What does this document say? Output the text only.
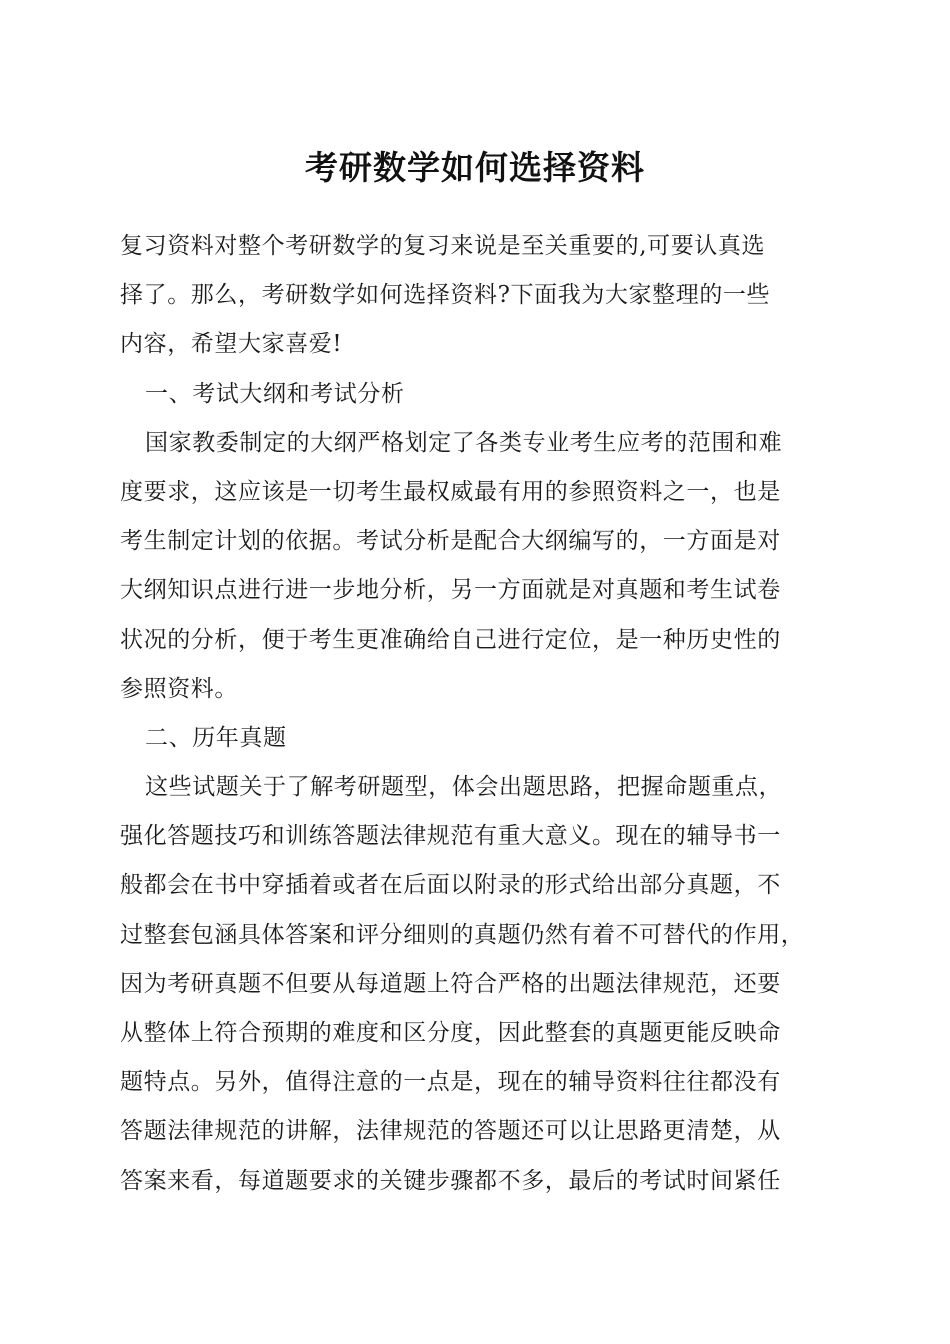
考研数学如何选择资料
复习资料对整个考研数学的复习来说是至关重要的,可要认真选
择了。那么，考研数学如何选择资料?下面我为大家整理的一些
内容，希望大家喜爱!
一、考试大纲和考试分析
国家教委制定的大纲严格划定了各类专业考生应考的范围和难
度要求，这应该是一切考生最权威最有用的参照资料之一，也是
考生制定计划的依据。考试分析是配合大纲编写的，一方面是对
大纲知识点进行进一步地分析，另一方面就是对真题和考生试卷
状况的分析，便于考生更准确给自己进行定位，是一种历史性的
参照资料。
二、历年真题
这些试题关于了解考研题型，体会出题思路，把握命题重点，
强化答题技巧和训练答题法律规范有重大意义。现在的辅导书一
般都会在书中穿插着或者在后面以附录的形式给出部分真题，不
过整套包涵具体答案和评分细则的真题仍然有着不可替代的作用，
因为考研真题不但要从每道题上符合严格的出题法律规范，还要
从整体上符合预期的难度和区分度，因此整套的真题更能反映命
题特点。另外，值得注意的一点是，现在的辅导资料往往都没有
答题法律规范的讲解，法律规范的答题还可以让思路更清楚，从
答案来看，每道题要求的关键步骤都不多，最后的考试时间紧任
